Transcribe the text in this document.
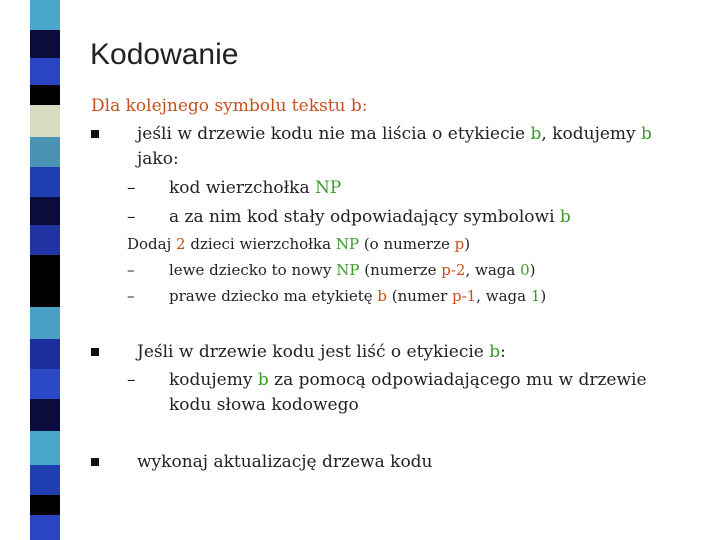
Kodowanie
Dla kolejnego symbolu tekstu b:
jeśli w drzewie kodu nie ma liścia o etykiecie b, kodujemy b
jako:
– kod wierzchołka NP
– a za nim kod stały odpowiadający symbolowi b
Dodaj 2 dzieci wierzchołka NP (o numerze p)
– lewe dziecko to nowy NP (numerze p-2, waga 0)
– prawe dziecko ma etykietę b (numer p-1, waga 1)
Jeśli w drzewie kodu jest liść o etykiecie b:
– kodujemy b za pomocą odpowiadającego mu w drzewie
kodu słowa kodowego
wykonaj aktualizację drzewa kodu
